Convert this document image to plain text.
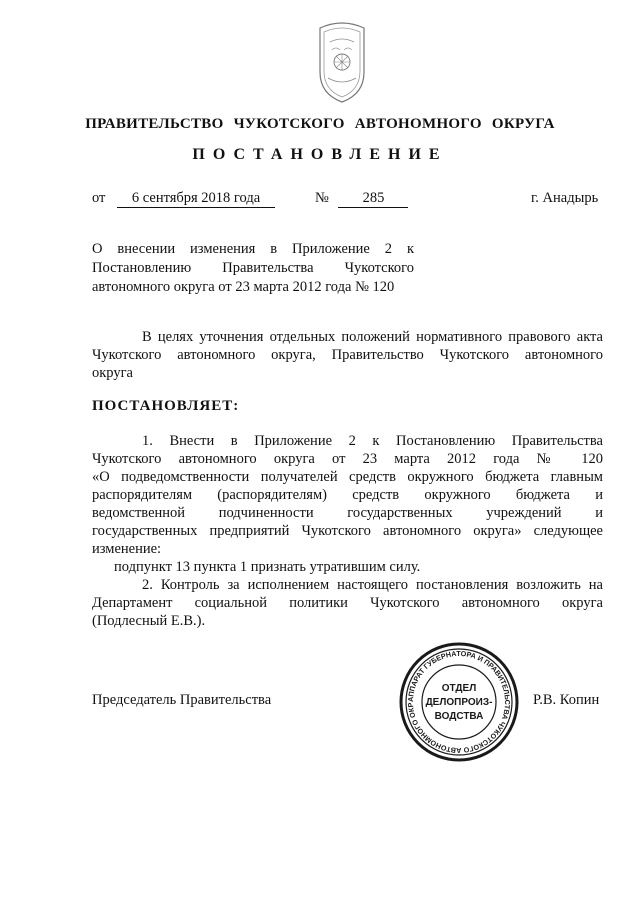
ПРАВИТЕЛЬСТВО ЧУКОТСКОГО АВТОНОМНОГО ОКРУГА
ПОСТАНОВЛЕНИЕ
от 6 сентября 2018 года	№ 285	г. Анадырь
О внесении изменения в Приложение 2 к
Постановлению Правительства Чукотского
автономного округа от 23 марта 2012 года № 120
В целях уточнения отдельных положений нормативного правового акта
Чукотского автономного округа, Правительство Чукотского автономного
округа
ПОСТАНОВЛЯЕТ:
1. Внести в Приложение 2 к Постановлению Правительства
Чукотского автономного округа от 23 марта 2012 года № 120
«О подведомственности получателей средств окружного бюджета главным
распорядителям (распорядителям) средств окружного бюджета и
ведомственной подчиненности государственных учреждений и
государственных предприятий Чукотского автономного округа» следующее
изменение:
подпункт 13 пункта 1 признать утратившим силу.
2. Контроль за исполнением настоящего постановления возложить на
Департамент социальной политики Чукотского автономного округа
(Подлесный Е.В.).
Председатель Правительства	Р.В. Копин
АППАРАТ ГУБЕРНАТОРА И ПРАВИТЕЛЬСТВА ЧУКОТСКОГО АВТОНОМНОГО ОКР
ОТДЕЛ
ДЕЛОПРОИЗ-
ВОДСТВА
